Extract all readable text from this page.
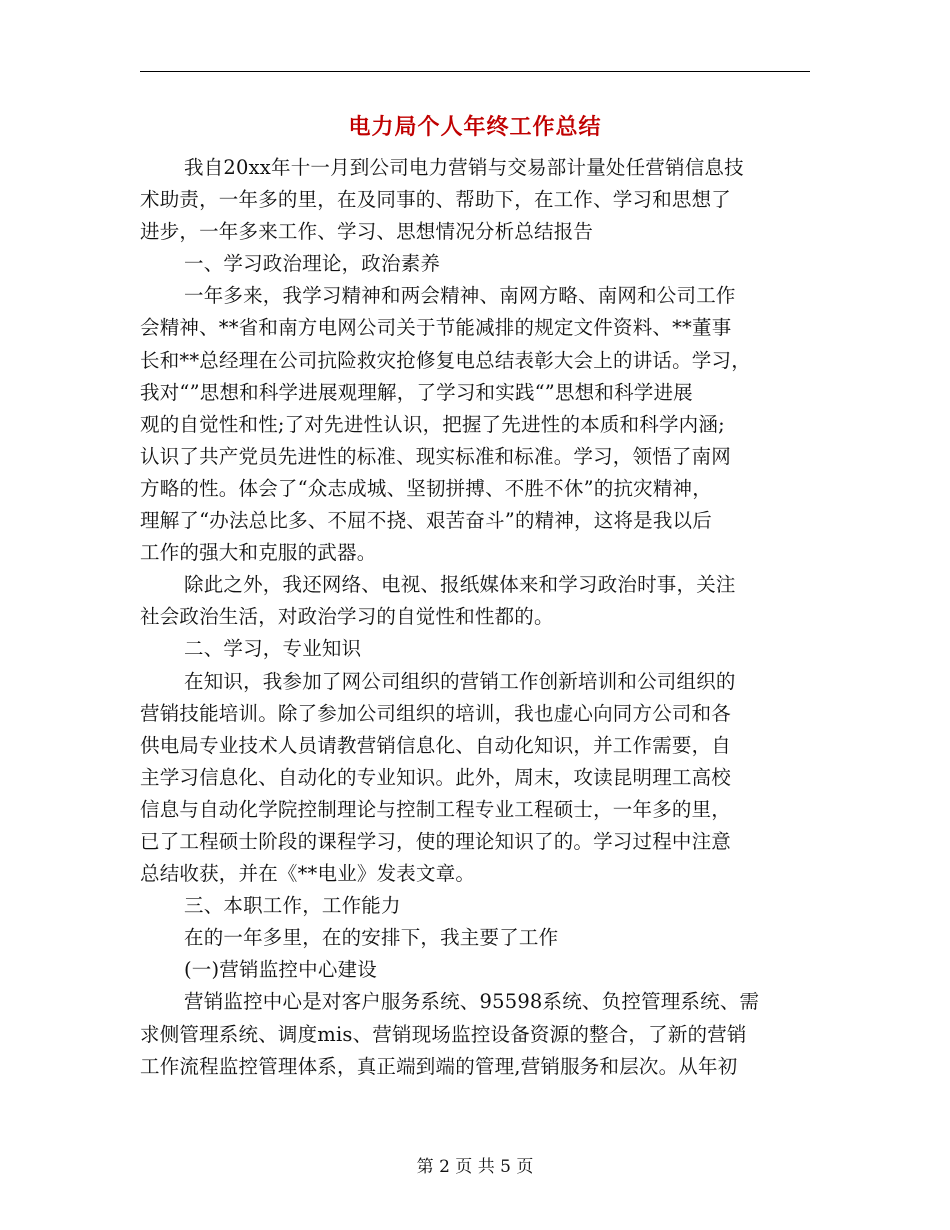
电力局个人年终工作总结
我自20xx年十一月到公司电力营销与交易部计量处任营销信息技
术助责，一年多的里，在及同事的、帮助下，在工作、学习和思想了
进步，一年多来工作、学习、思想情况分析总结报告
一、学习政治理论，政治素养
一年多来，我学习精神和两会精神、南网方略、南网和公司工作
会精神、**省和南方电网公司关于节能减排的规定文件资料、**董事
长和**总经理在公司抗险救灾抢修复电总结表彰大会上的讲话。学习，
我对“”思想和科学进展观理解，了学习和实践“”思想和科学进展
观的自觉性和性;了对先进性认识，把握了先进性的本质和科学内涵;
认识了共产党员先进性的标准、现实标准和标准。学习，领悟了南网
方略的性。体会了“众志成城、坚韧拼搏、不胜不休”的抗灾精神，
理解了“办法总比多、不屈不挠、艰苦奋斗”的精神，这将是我以后
工作的强大和克服的武器。
除此之外，我还网络、电视、报纸媒体来和学习政治时事，关注
社会政治生活，对政治学习的自觉性和性都的。
二、学习，专业知识
在知识，我参加了网公司组织的营销工作创新培训和公司组织的
营销技能培训。除了参加公司组织的培训，我也虚心向同方公司和各
供电局专业技术人员请教营销信息化、自动化知识，并工作需要，自
主学习信息化、自动化的专业知识。此外，周末，攻读昆明理工高校
信息与自动化学院控制理论与控制工程专业工程硕士，一年多的里，
已了工程硕士阶段的课程学习，使的理论知识了的。学习过程中注意
总结收获，并在《**电业》发表文章。
三、本职工作，工作能力
在的一年多里，在的安排下，我主要了工作
(一)营销监控中心建设
营销监控中心是对客户服务系统、95598系统、负控管理系统、需
求侧管理系统、调度mis、营销现场监控设备资源的整合，了新的营销
工作流程监控管理体系，真正端到端的管理,营销服务和层次。从年初
第 2 页 共 5 页
